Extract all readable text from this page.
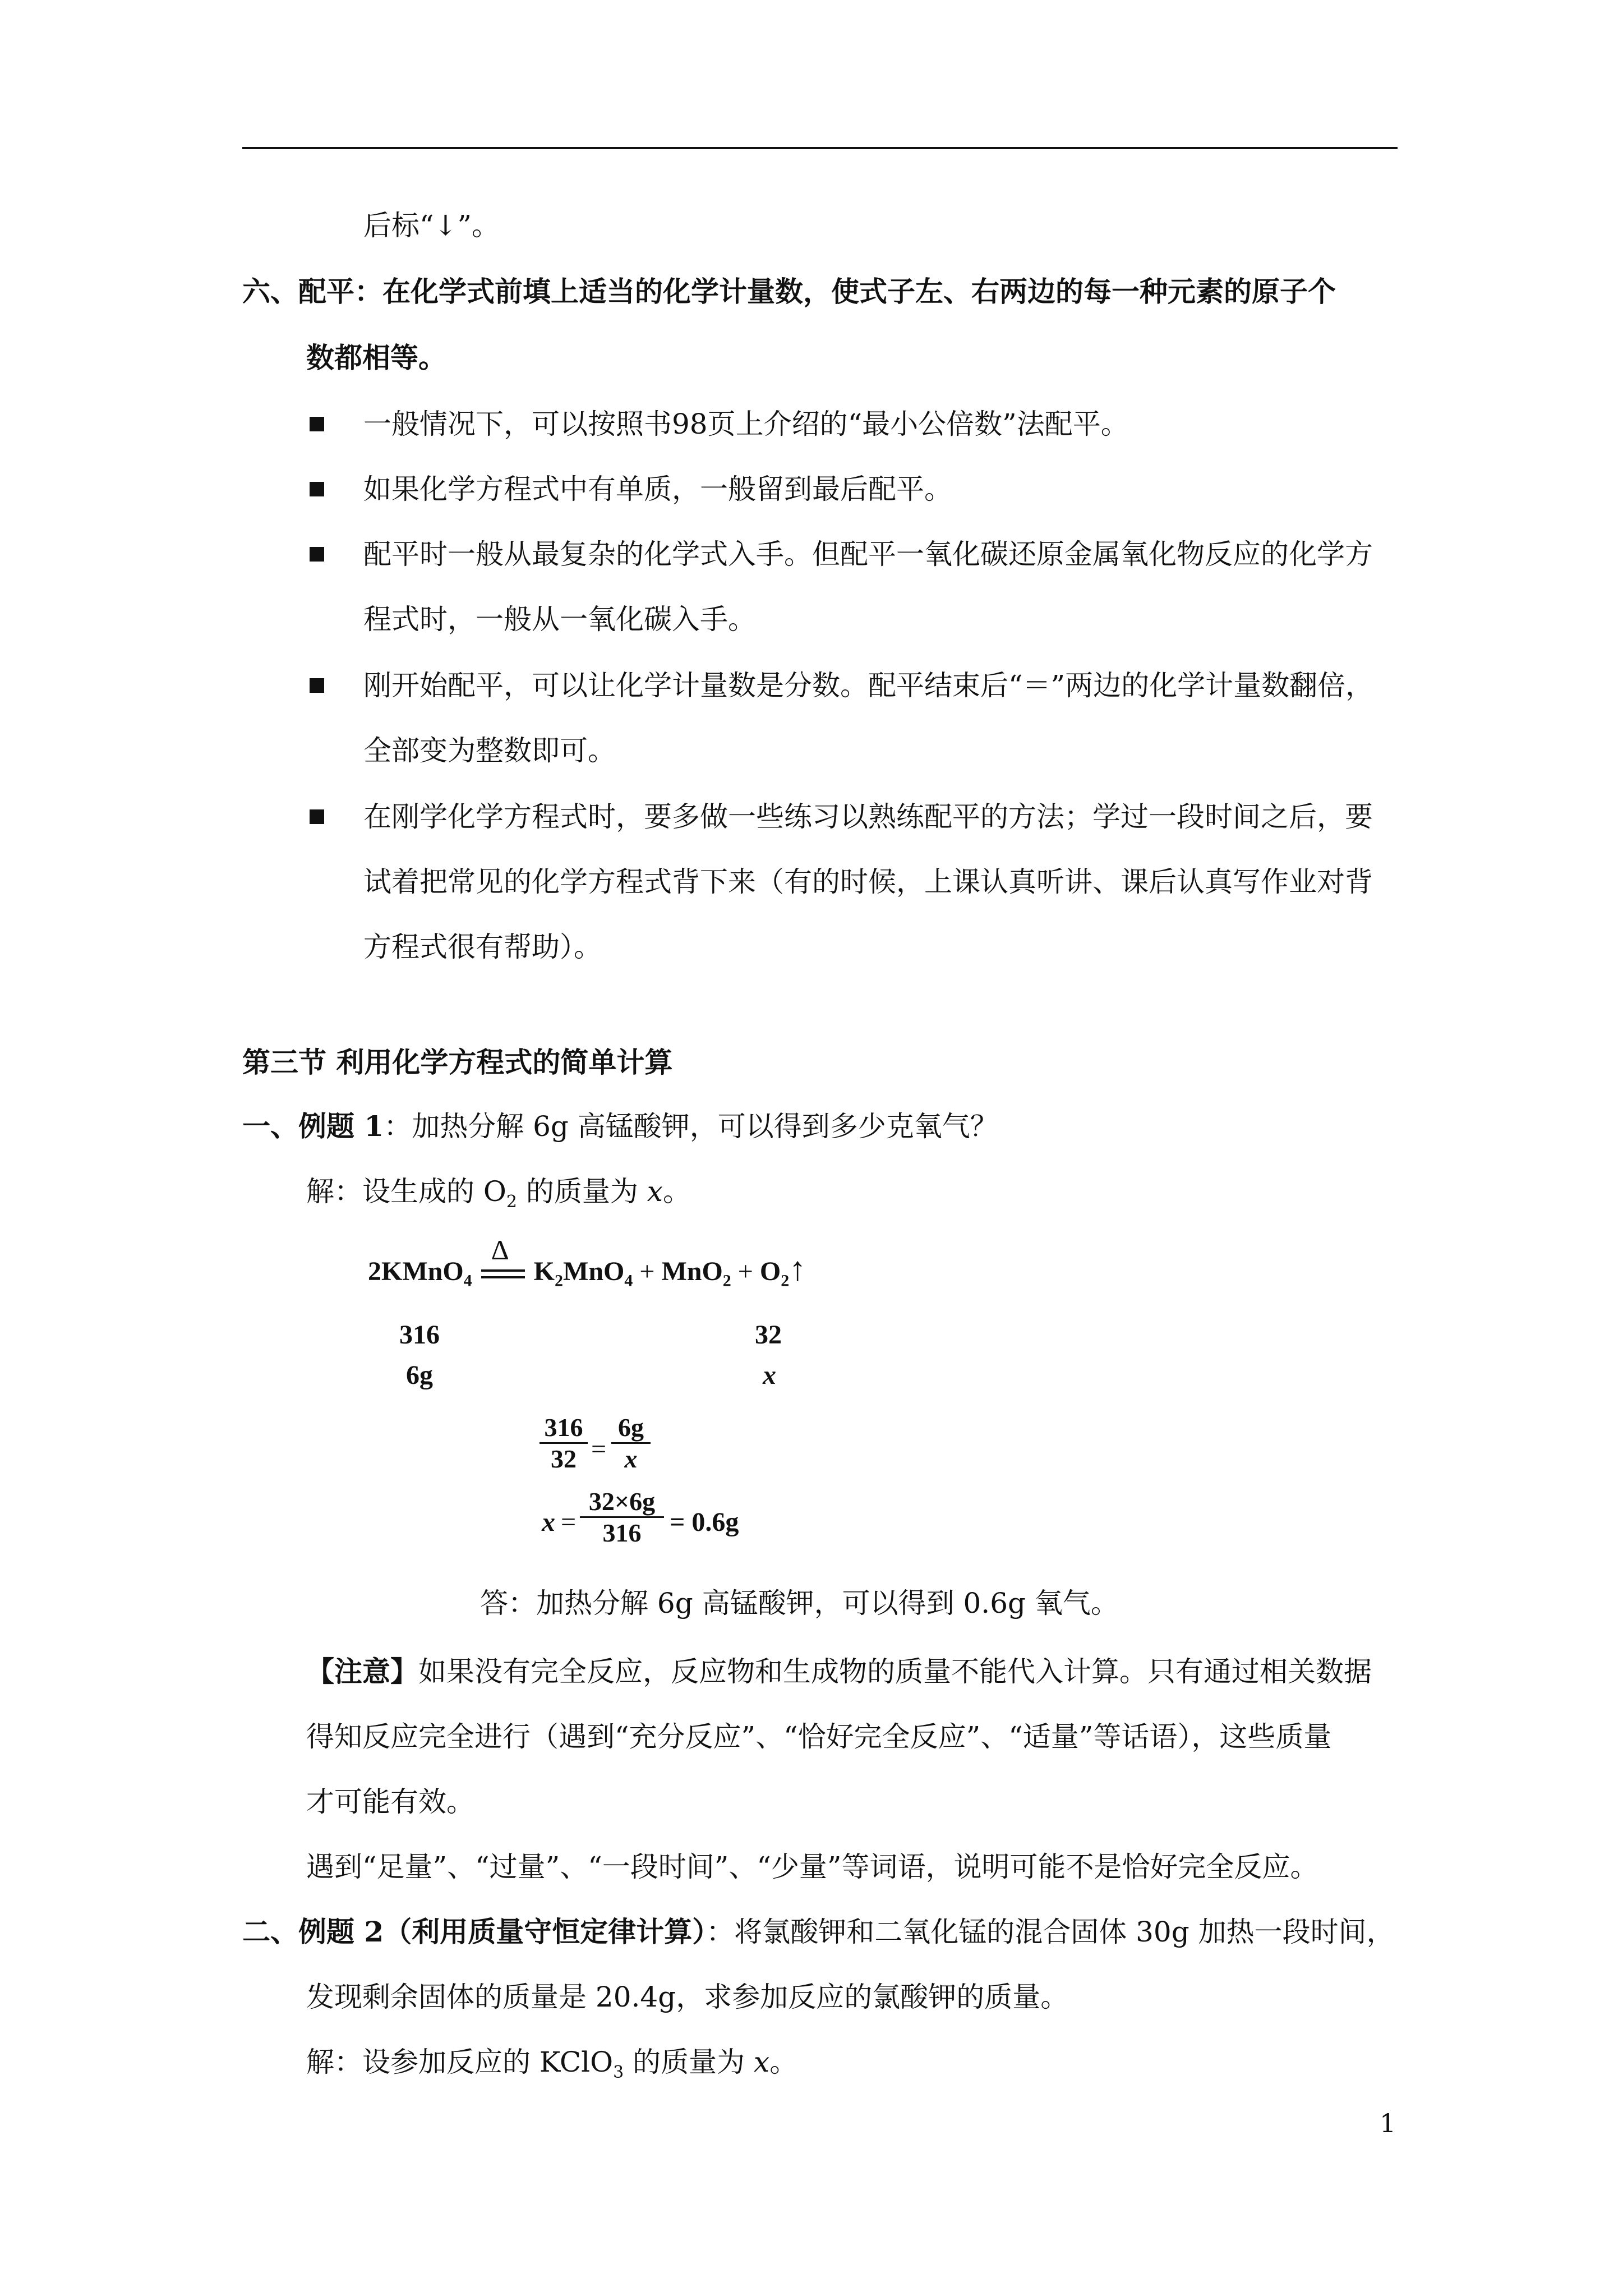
后标“↓”。
六、配平：在化学式前填上适当的化学计量数，使式子左、右两边的每一种元素的原子个
数都相等。
一般情况下，可以按照书98页上介绍的“最小公倍数”法配平。
如果化学方程式中有单质，一般留到最后配平。
配平时一般从最复杂的化学式入手。但配平一氧化碳还原金属氧化物反应的化学方
程式时，一般从一氧化碳入手。
刚开始配平，可以让化学计量数是分数。配平结束后“＝”两边的化学计量数翻倍，
全部变为整数即可。
在刚学化学方程式时，要多做一些练习以熟练配平的方法；学过一段时间之后，要
试着把常见的化学方程式背下来（有的时候，上课认真听讲、课后认真写作业对背
方程式很有帮助）。
第三节 利用化学方程式的简单计算
一、例题 1：加热分解 6g 高锰酸钾，可以得到多少克氧气？
解：设生成的 $O_2$ 的质量为 x。
2KMnO$_4$
Δ
$K_2MnO_4 + MnO_2$ + $O_2↑$
316	32
6g	x
316
32 =
6g
x
x =
32×6g
316	= 0.6g
答：加热分解 6g 高锰酸钾，可以得到 0.6g 氧气。
【注意】如果没有完全反应，反应物和生成物的质量不能代入计算。只有通过相关数据
得知反应完全进行（遇到“充分反应”、“恰好完全反应”、“适量”等话语），这些质量
才可能有效。
遇到“足量”、“过量”、“一段时间”、“少量”等词语，说明可能不是恰好完全反应。
二、例题 2（利用质量守恒定律计算）：将氯酸钾和二氧化锰的混合固体 30g 加热一段时间，
发现剩余固体的质量是 20.4g，求参加反应的氯酸钾的质量。
解：设参加反应的 KClO$_3$ 的质量为 x。
1
